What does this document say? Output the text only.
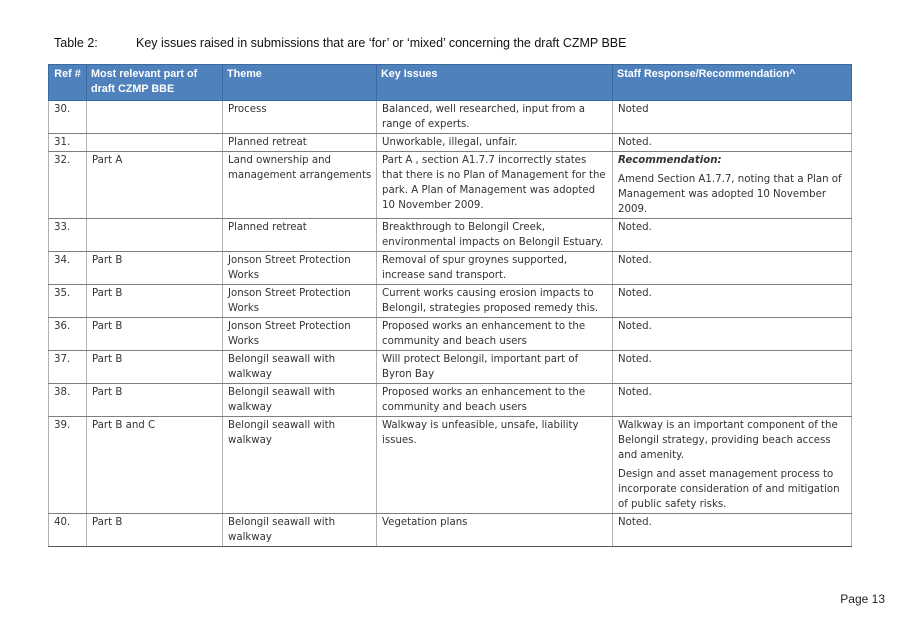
Table 2:	Key issues raised in submissions that are ‘for’ or ‘mixed’ concerning the draft CZMP BBE
Ref #	Most relevant part of draft CZMP BBE	Theme	Key Issues	Staff Response/Recommendation^
30.		Process	Balanced, well researched, input from a range of experts.	Noted
31.		Planned retreat	Unworkable, illegal, unfair.	Noted.
32.	Part A	Land ownership and management arrangements	Part A , section A1.7.7 incorrectly states that there is no Plan of Management for the park. A Plan of Management was adopted 10 November 2009.	Recommendation:
Amend Section A1.7.7, noting that a Plan of Management was adopted 10 November 2009.
33.		Planned retreat	Breakthrough to Belongil Creek, environmental impacts on Belongil Estuary.	Noted.
34.	Part B	Jonson Street Protection Works	Removal of spur groynes supported, increase sand transport.	Noted.
35.	Part B	Jonson Street Protection Works	Current works causing erosion impacts to Belongil, strategies proposed remedy this.	Noted.
36.	Part B	Jonson Street Protection Works	Proposed works an enhancement to the community and beach users	Noted.
37.	Part B	Belongil seawall with walkway	Will protect Belongil, important part of Byron Bay	Noted.
38.	Part B	Belongil seawall with walkway	Proposed works an enhancement to the community and beach users	Noted.
39.	Part B and C	Belongil seawall with walkway	Walkway is unfeasible, unsafe, liability issues.	Walkway is an important component of the Belongil strategy, providing beach access and amenity.
Design and asset management process to incorporate consideration of and mitigation of public safety risks.

40.	Part B	Belongil seawall with walkway	Vegetation plans	Noted.
Page 13
